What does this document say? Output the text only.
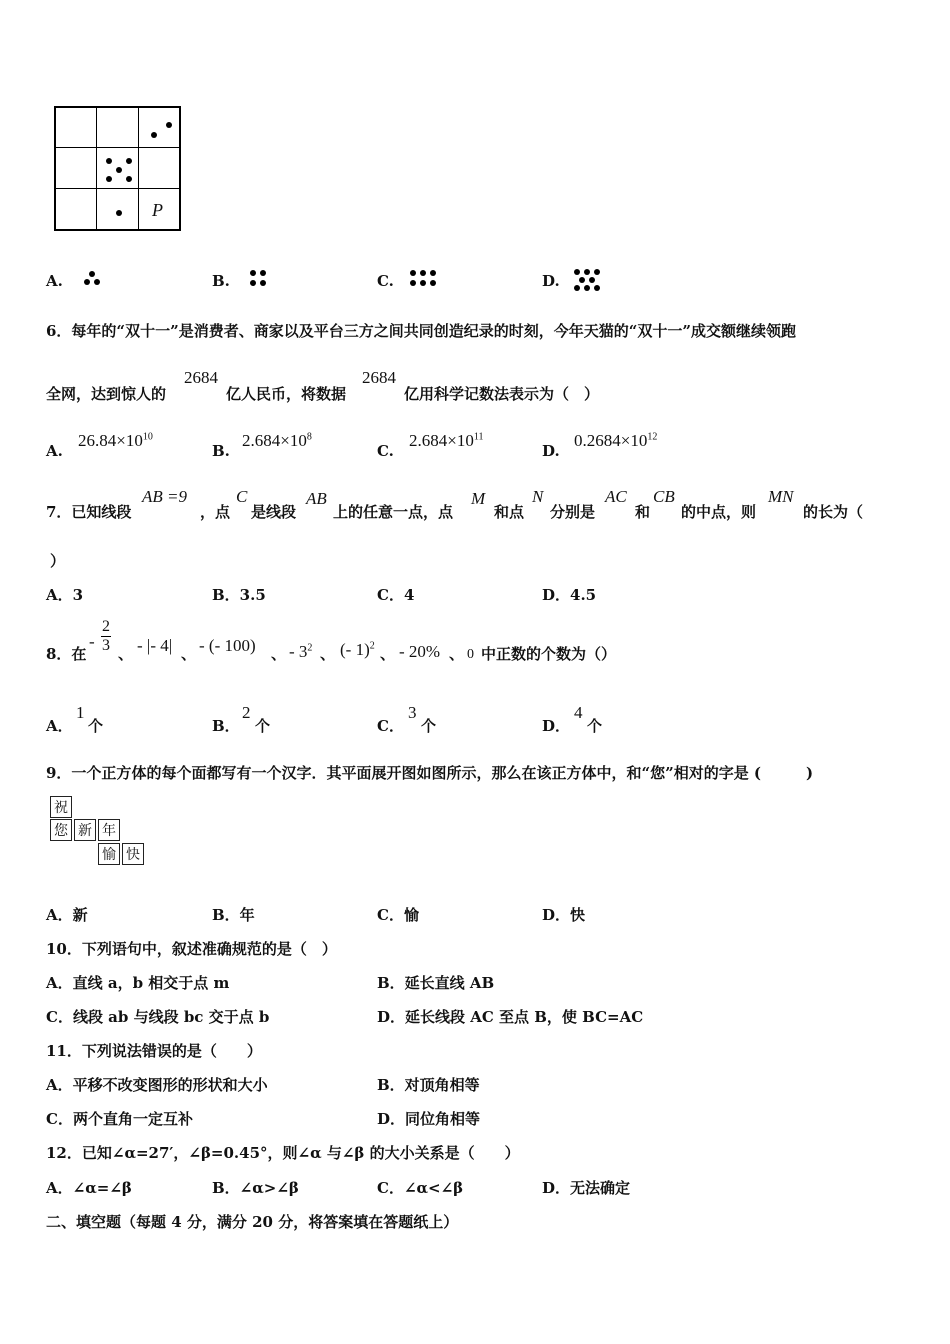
P
A.	B.	C.	D.
6．每年的“双十一”是消费者、商家以及平台三方之间共同创造纪录的时刻，今年天猫的“双十一”成交额继续领跑
全网，达到惊人的
2684
亿人民币，将数据
2684
亿用科学记数法表示为（　）
A.
$26.84\times 10^{10}$
B.
$2.684\times 10^8$
C.
$2.684\times 10^{11}$
D.
$0.2684\times 10^{12}$
7．已知线段
AB =9
，点
C
是线段
AB
上的任意一点，点
M
和点
N
分别是
AC
和
CB
的中点，则
MN
的长为（
）
A．3	B．3.5	C．4	D．4.5
8．在
- $\frac{2}{3}$ 、 - |- 4| 、 - (- 100) 、 - $3^2$ 、 (- 1)$^2$ 、 - 20% 、 0 中正数的个数为（）
A．
1
个	B．
2
个	C．
3
个	D．
4
个
9．一个正方体的每个面都写有一个汉字．其平面展开图如图所示，那么在该正方体中，和“您”相对的字是 (　　　)
祝
您 新 年
愉 快
A．新	B．年	C．愉	D．快
10．下列语句中，叙述准确规范的是（　）
A．直线 a，b 相交于点 m	B．延长直线 AB
C．线段 ab 与线段 bc 交于点 b	D．延长线段 AC 至点 B，使 BC=AC
11．下列说法错误的是（　　）
A．平移不改变图形的形状和大小	B．对顶角相等
C．两个直角一定互补	D．同位角相等
12．已知∠α=27′，∠β=0.45°，则∠α 与∠β 的大小关系是（　　）
A．∠α=∠β	B．∠α>∠β	C．∠α<∠β	D．无法确定
二、填空题（每题 4 分，满分 20 分，将答案填在答题纸上）
